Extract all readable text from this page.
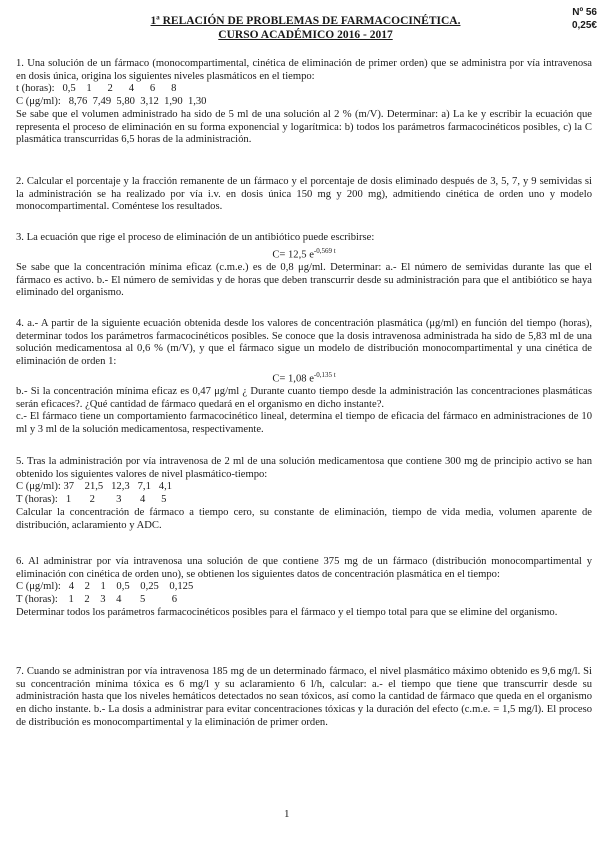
Nº 56
0,25€
1ª RELACIÓN DE PROBLEMAS DE FARMACOCINÉTICA.
CURSO ACADÉMICO 2016 - 2017

1. Una solución de un fármaco (monocompartimental, cinética de eliminación de primer orden) que se administra por vía intravenosa en dosis única, origina los siguientes niveles plasmáticos en el tiempo:

t (horas):   0,5    1      2      4      6      8

C (μg/ml):   8,76  7,49  5,80  3,12  1,90  1,30

Se sabe que el volumen administrado ha sido de 5 ml de una solución al 2 % (m/V). Determinar: a) La ke y escribir la ecuación que representa el proceso de eliminación en su forma exponencial y logarítmica: b) todos los parámetros farmacocinéticos posibles, c) la C plasmática transcurridas 6,5 horas de la administración.

2. Calcular el porcentaje y la fracción remanente de un fármaco y el porcentaje de dosis eliminado después de 3, 5, 7, y 9 semividas si la administración se ha realizado por vía i.v. en dosis única 150 mg y 200 mg), admitiendo cinética de orden uno y modelo monocompartimental. Coméntese los resultados.

3. La ecuación que rige el proceso de eliminación de un antibiótico puede escribirse:

C= 12,5 $e^{-0,569 t}$

Se sabe que la concentración mínima eficaz (c.m.e.) es de 0,8 μg/ml. Determinar: a.- El número de semividas durante las que el fármaco es activo. b.- El número de semividas y de horas que deben transcurrir desde su administración para que el antibiótico se haya eliminado del organismo.

4. a.- A partir de la siguiente ecuación obtenida desde los valores de concentración plasmática (μg/ml) en función del tiempo (horas), determinar todos los parámetros farmacocinéticos posibles. Se conoce que la dosis intravenosa administrada ha sido de 5,83 ml de una solución medicamentosa al 0,6 % (m/V), y que el fármaco sigue un modelo de distribución monocompartimental y una cinética de eliminación de orden 1:

C= 1,08 $e^{-0,135 t}$

b.- Si la concentración mínima eficaz es 0,47 μg/ml ¿ Durante cuanto tiempo desde la administración las concentraciones plasmáticas serán eficaces?. ¿Qué cantidad de fármaco quedará en el organismo en dicho instante?.

c.- El fármaco tiene un comportamiento farmacocinético lineal, determina el tiempo de eficacia del fármaco en administraciones de 10 ml y 3 ml de la solución medicamentosa, respectivamente.

5. Tras la administración por vía intravenosa de 2 ml de una solución medicamentosa que contiene 300 mg de principio activo se han obtenido los siguientes valores de nivel plasmático-tiempo:

C (μg/ml): 37    21,5   12,3   7,1   4,1

T (horas):   1       2        3       4      5

Calcular la concentración de fármaco a tiempo cero, su constante de eliminación, tiempo de vida media, volumen aparente de distribución, aclaramiento y ADC.

6. Al administrar por vía intravenosa una solución de que contiene 375 mg de un fármaco (distribución monocompartimental y eliminación con cinética de orden uno), se obtienen los siguientes datos de concentración plasmática en el tiempo:

C (μg/ml):   4    2    1    0,5    0,25    0,125

T (horas):    1    2    3    4       5          6

Determinar todos los parámetros farmacocinéticos posibles para el fármaco y el tiempo total para que se elimine del organismo.

7. Cuando se administran por vía intravenosa 185 mg de un determinado fármaco, el nivel plasmático máximo obtenido es 9,6 mg/l. Si su concentración mínima tóxica es 6 mg/l y su aclaramiento 6 l/h, calcular: a.- el tiempo que tiene que transcurrir desde su administración hasta que los niveles hemáticos detectados no sean tóxicos, así como la cantidad de fármaco que queda en el organismo en dicho instante. b.- La dosis a administrar para evitar concentraciones tóxicas y la duración del efecto (c.m.e. = 1,5 mg/l). El proceso de distribución es monocompartimental y la eliminación de primer orden.

1
